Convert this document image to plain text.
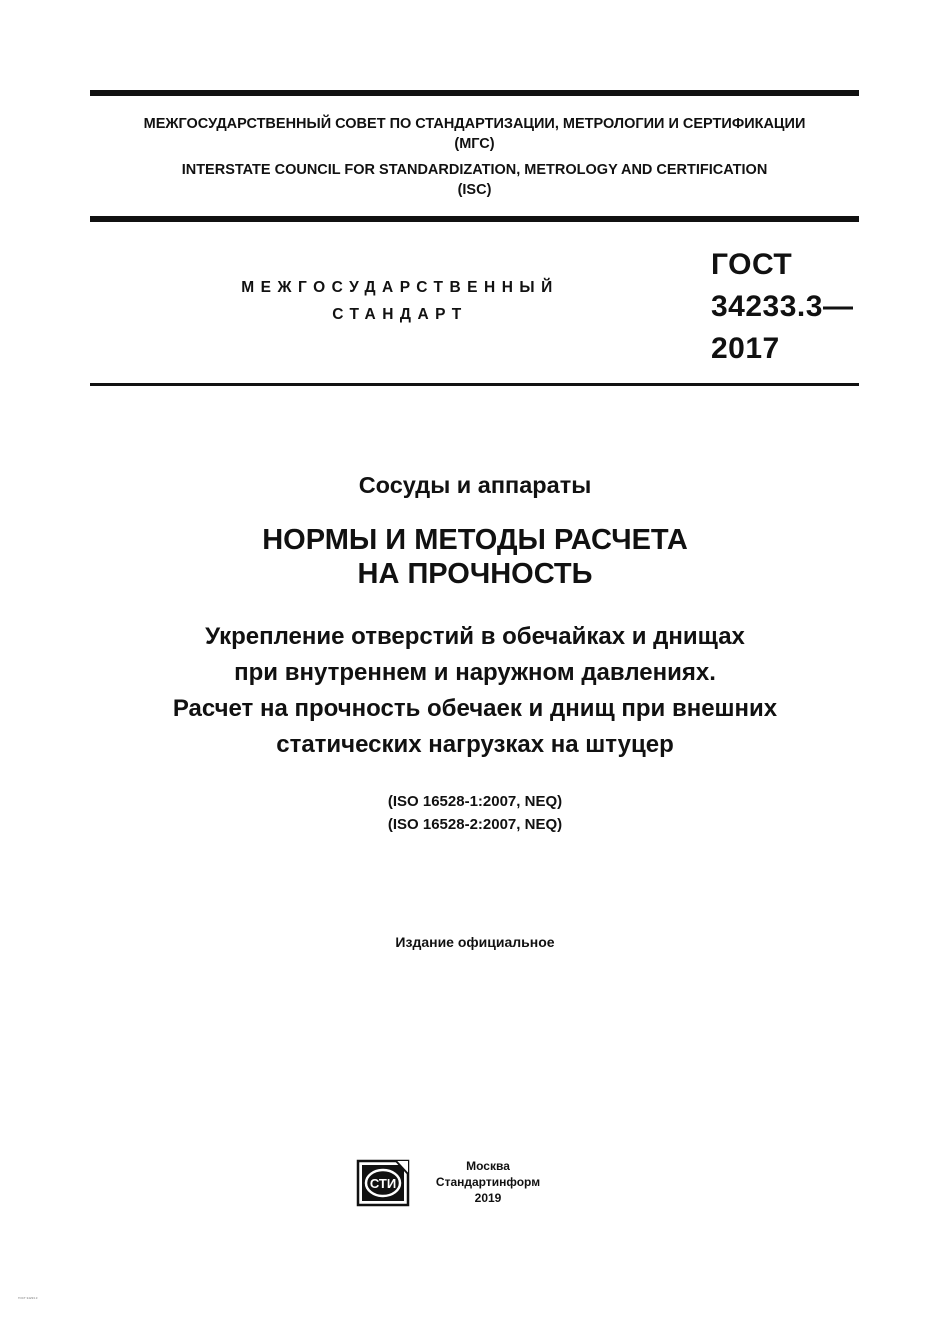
МЕЖГОСУДАРСТВЕННЫЙ СОВЕТ ПО СТАНДАРТИЗАЦИИ, МЕТРОЛОГИИ И СЕРТИФИКАЦИИ
(МГС)
INTERSTATE COUNCIL FOR STANDARDIZATION, METROLOGY AND CERTIFICATION
(ISC)
МЕЖГОСУДАРСТВЕННЫЙ
СТАНДАРТ
ГОСТ
34233.3—
2017
Сосуды и аппараты
НОРМЫ И МЕТОДЫ РАСЧЕТА
НА ПРОЧНОСТЬ
Укрепление отверстий в обечайках и днищах
при внутреннем и наружном давлениях.
Расчет на прочность обечаек и днищ при внешних
статических нагрузках на штуцер
(ISO 16528-1:2007, NEQ)
(ISO 16528-2:2007, NEQ)
Издание официальное
СТИ
Москва
Стандартинформ
2019
ГОСТ 34233.3
